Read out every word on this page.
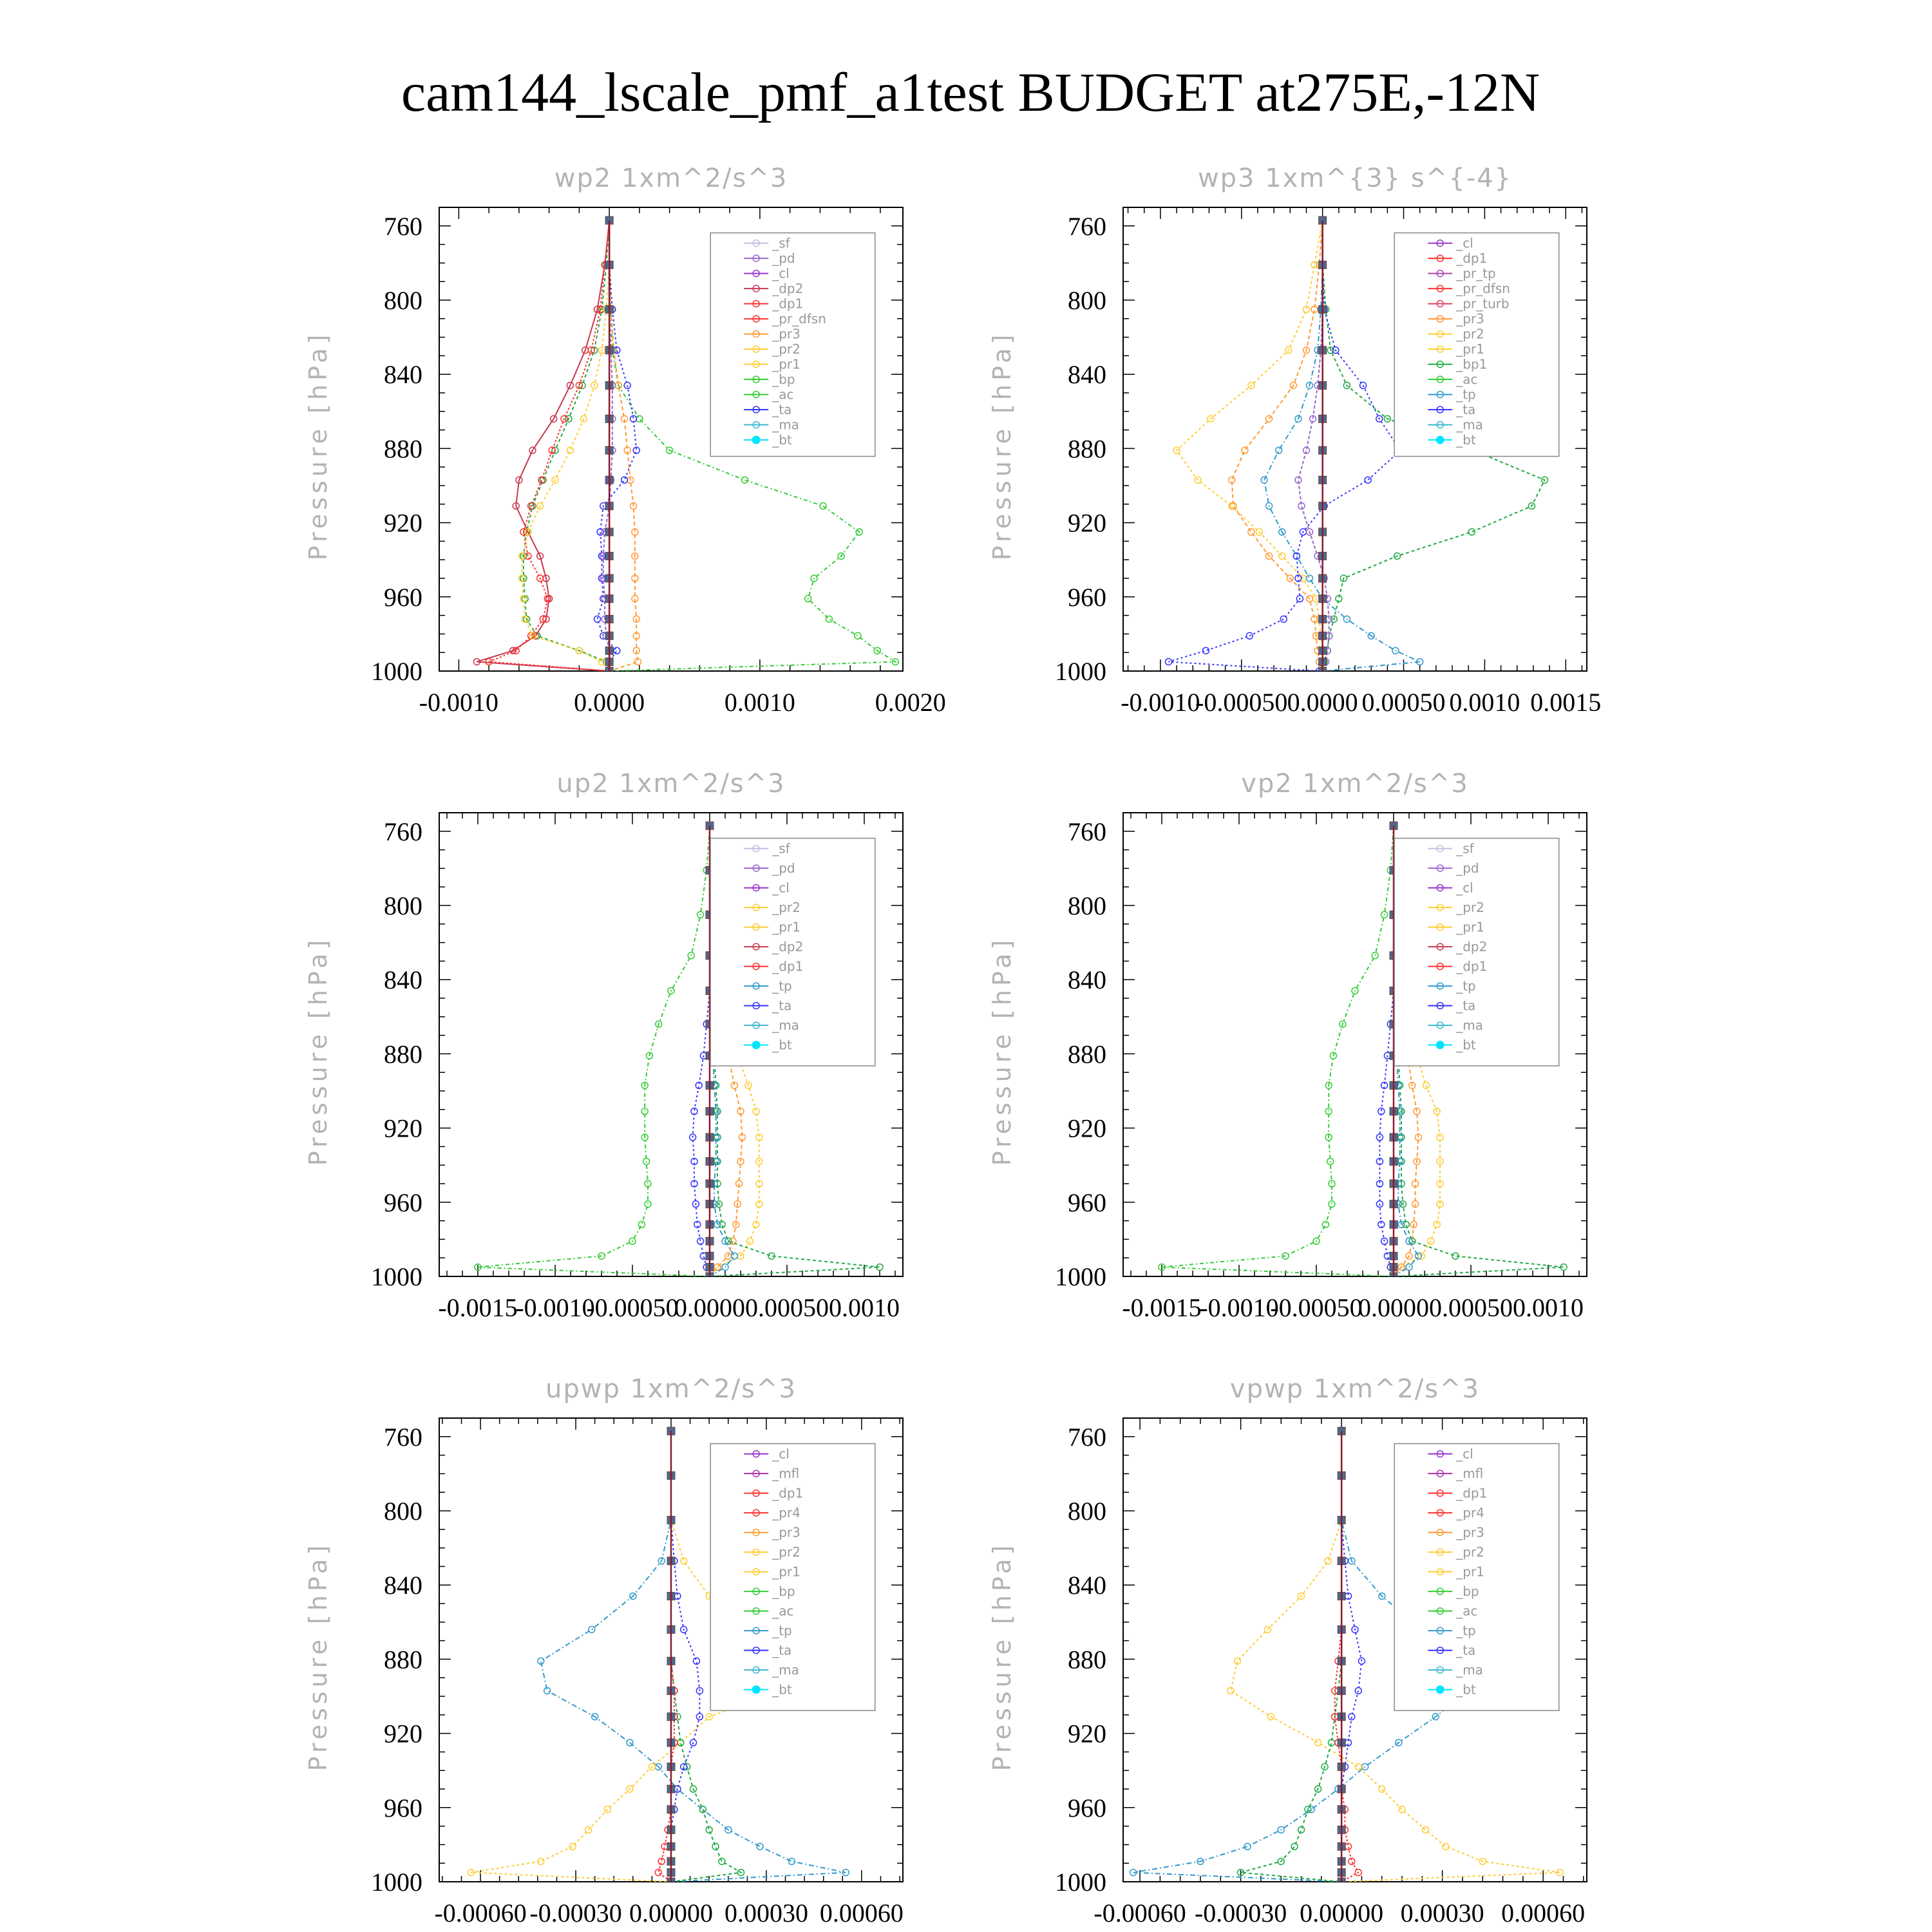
cam144_lscale_pmf_a1test BUDGET at275E,-12N
760
800
840
880
920
960
1000
-0.0010	0.0000	0.0010	0.0020
wp2 1xm^2/s^3
Pressure [hPa]
_sf
_pd
_cl
_dp2
_dp1
_pr_dfsn
_pr3
_pr2
_pr1
_bp
_ac
_ta
_ma
_bt
760
800
840
880
920
960
1000
-0.0010
-0.00050 0.0000 0.00050 0.0010 0.0015
wp3 1xm^{3} s^{-4}
Pressure [hPa]
_cl
_dp1
_pr_tp
_pr_dfsn
_pr_turb
_pr3
_pr2
_pr1
_bp1
_ac
_tp
_ta
_ma
_bt
760
800
840
880
920
960
1000
-0.0015
-0.0010
-0.00050
0.0000 0.00050 0.0010
up2 1xm^2/s^3
Pressure [hPa]
_sf
_pd
_cl
_pr2
_pr1
_dp2
_dp1
_tp
_ta
_ma
_bt
760
800
840
880
920
960
1000
-0.0015
-0.0010
-0.00050
0.0000 0.00050 0.0010
vp2 1xm^2/s^3
Pressure [hPa]
_sf
_pd
_cl
_pr2
_pr1
_dp2
_dp1
_tp
_ta
_ma
_bt
760
800
840
880
920
960
1000
-0.00060 -0.00030 0.00000 0.00030 0.00060
upwp 1xm^2/s^3
Pressure [hPa]
_cl
_mfl
_dp1
_pr4
_pr3
_pr2
_pr1
_bp
_ac
_tp
_ta
_ma
_bt
760
800
840
880
920
960
1000
-0.00060 -0.00030 0.00000 0.00030 0.00060
vpwp 1xm^2/s^3
Pressure [hPa]
_cl
_mfl
_dp1
_pr4
_pr3
_pr2
_pr1
_bp
_ac
_tp
_ta
_ma
_bt
